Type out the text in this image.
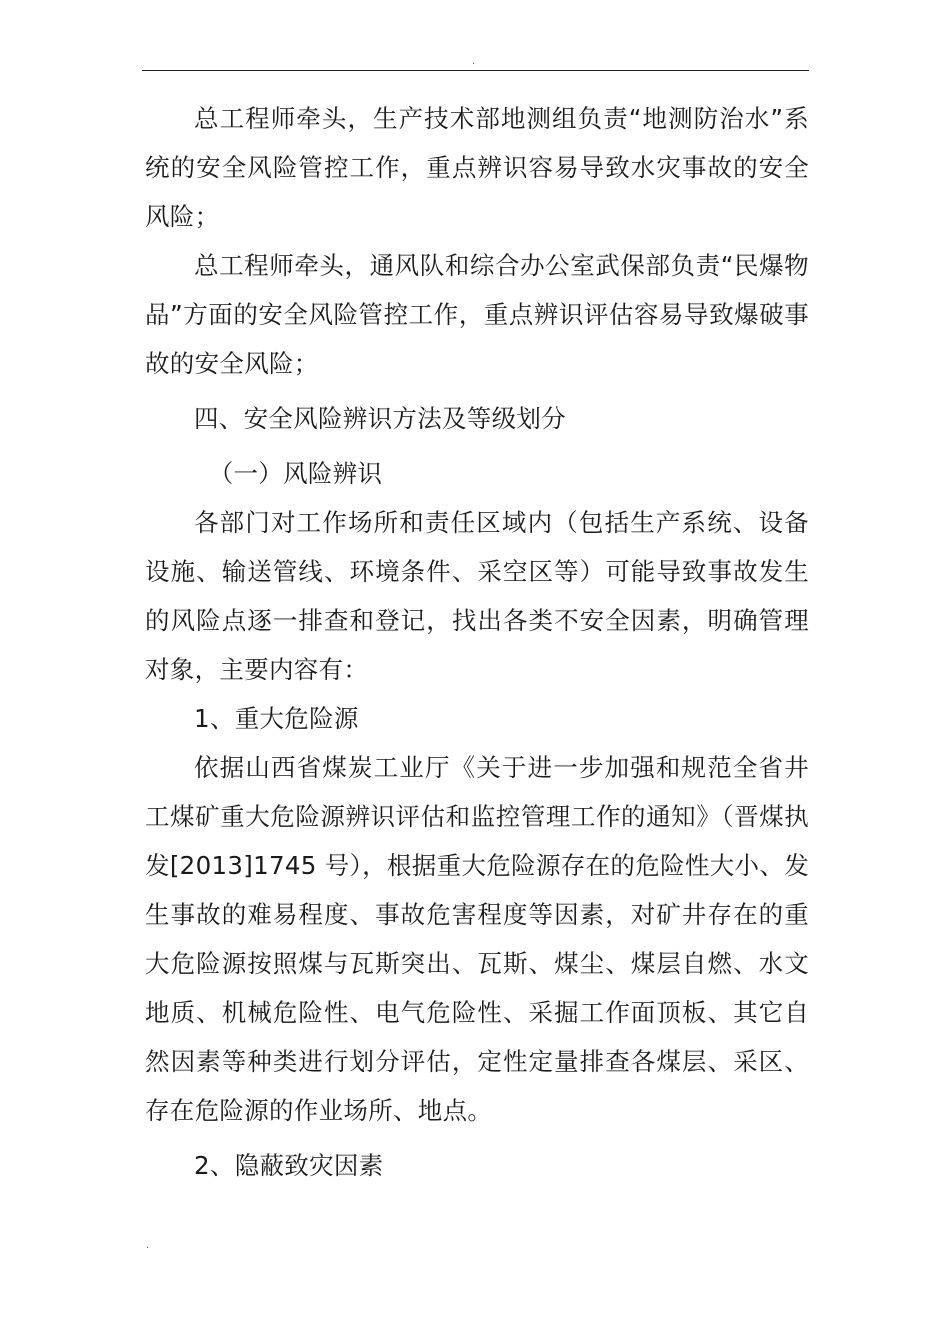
.

总工程师牵头，生产技术部地测组负责“地测防治水”系统的安全风险管控工作，重点辨识容易导致水灾事故的安全风险；

总工程师牵头，通风队和综合办公室武保部负责“民爆物品”方面的安全风险管控工作，重点辨识评估容易导致爆破事故的安全风险；

四、安全风险辨识方法及等级划分

（一）风险辨识

各部门对工作场所和责任区域内（包括生产系统、设备设施、输送管线、环境条件、采空区等）可能导致事故发生的风险点逐一排查和登记，找出各类不安全因素，明确管理对象，主要内容有：

1、重大危险源

依据山西省煤炭工业厅《关于进一步加强和规范全省井工煤矿重大危险源辨识评估和监控管理工作的通知》（晋煤执发[2013]1745 号），根据重大危险源存在的危险性大小、发生事故的难易程度、事故危害程度等因素，对矿井存在的重大危险源按照煤与瓦斯突出、瓦斯、煤尘、煤层自燃、水文地质、机械危险性、电气危险性、采掘工作面顶板、其它自然因素等种类进行划分评估，定性定量排查各煤层、采区、存在危险源的作业场所、地点。

2、隐蔽致灾因素

.
